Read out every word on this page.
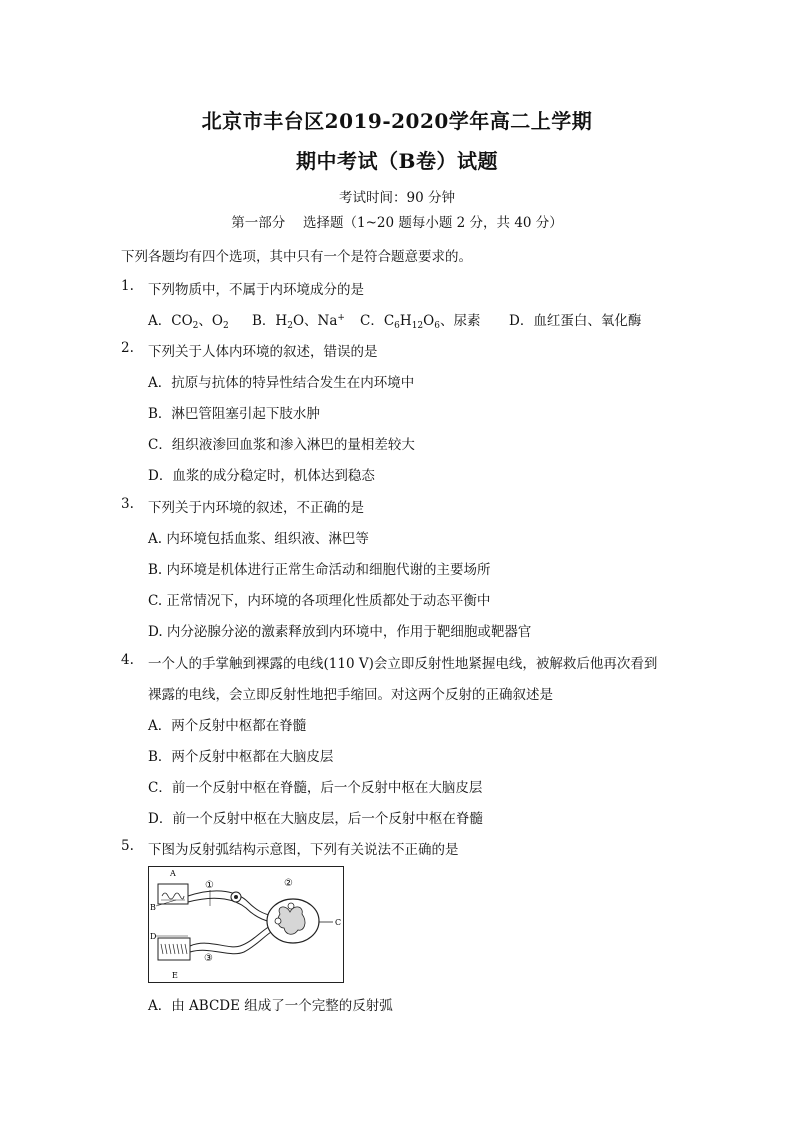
北京市丰台区2019-2020学年高二上学期
期中考试（B卷）试题
考试时间：90 分钟
第一部分　 选择题（1~20 题每小题 2 分，共 40 分）
下列各题均有四个选项，其中只有一个是符合题意要求的。
1. 下列物质中，不属于内环境成分的是
A．$CO_2$、$O_2$ B．$H_2O$、Na+ C．$C_6H_{12}O_6$、尿素 D．血红蛋白、氧化酶
2. 下列关于人体内环境的叙述，错误的是
A．抗原与抗体的特异性结合发生在内环境中
B．淋巴管阻塞引起下肢水肿
C．组织液渗回血浆和渗入淋巴的量相差较大
D．血浆的成分稳定时，机体达到稳态
3. 下列关于内环境的叙述，不正确的是
A. 内环境包括血浆、组织液、淋巴等
B. 内环境是机体进行正常生命活动和细胞代谢的主要场所
C. 正常情况下，内环境的各项理化性质都处于动态平衡中
D. 内分泌腺分泌的激素释放到内环境中，作用于靶细胞或靶器官
4. 一个人的手掌触到裸露的电线(110 V)会立即反射性地紧握电线，被解救后他再次看到
裸露的电线，会立即反射性地把手缩回。对这两个反射的正确叙述是
A．两个反射中枢都在脊髓
B．两个反射中枢都在大脑皮层
C．前一个反射中枢在脊髓，后一个反射中枢在大脑皮层
D．前一个反射中枢在大脑皮层，后一个反射中枢在脊髓
5. 下图为反射弧结构示意图，下列有关说法不正确的是
A
B
C
D
E
①	②
③
A．由 ABCDE 组成了一个完整的反射弧
